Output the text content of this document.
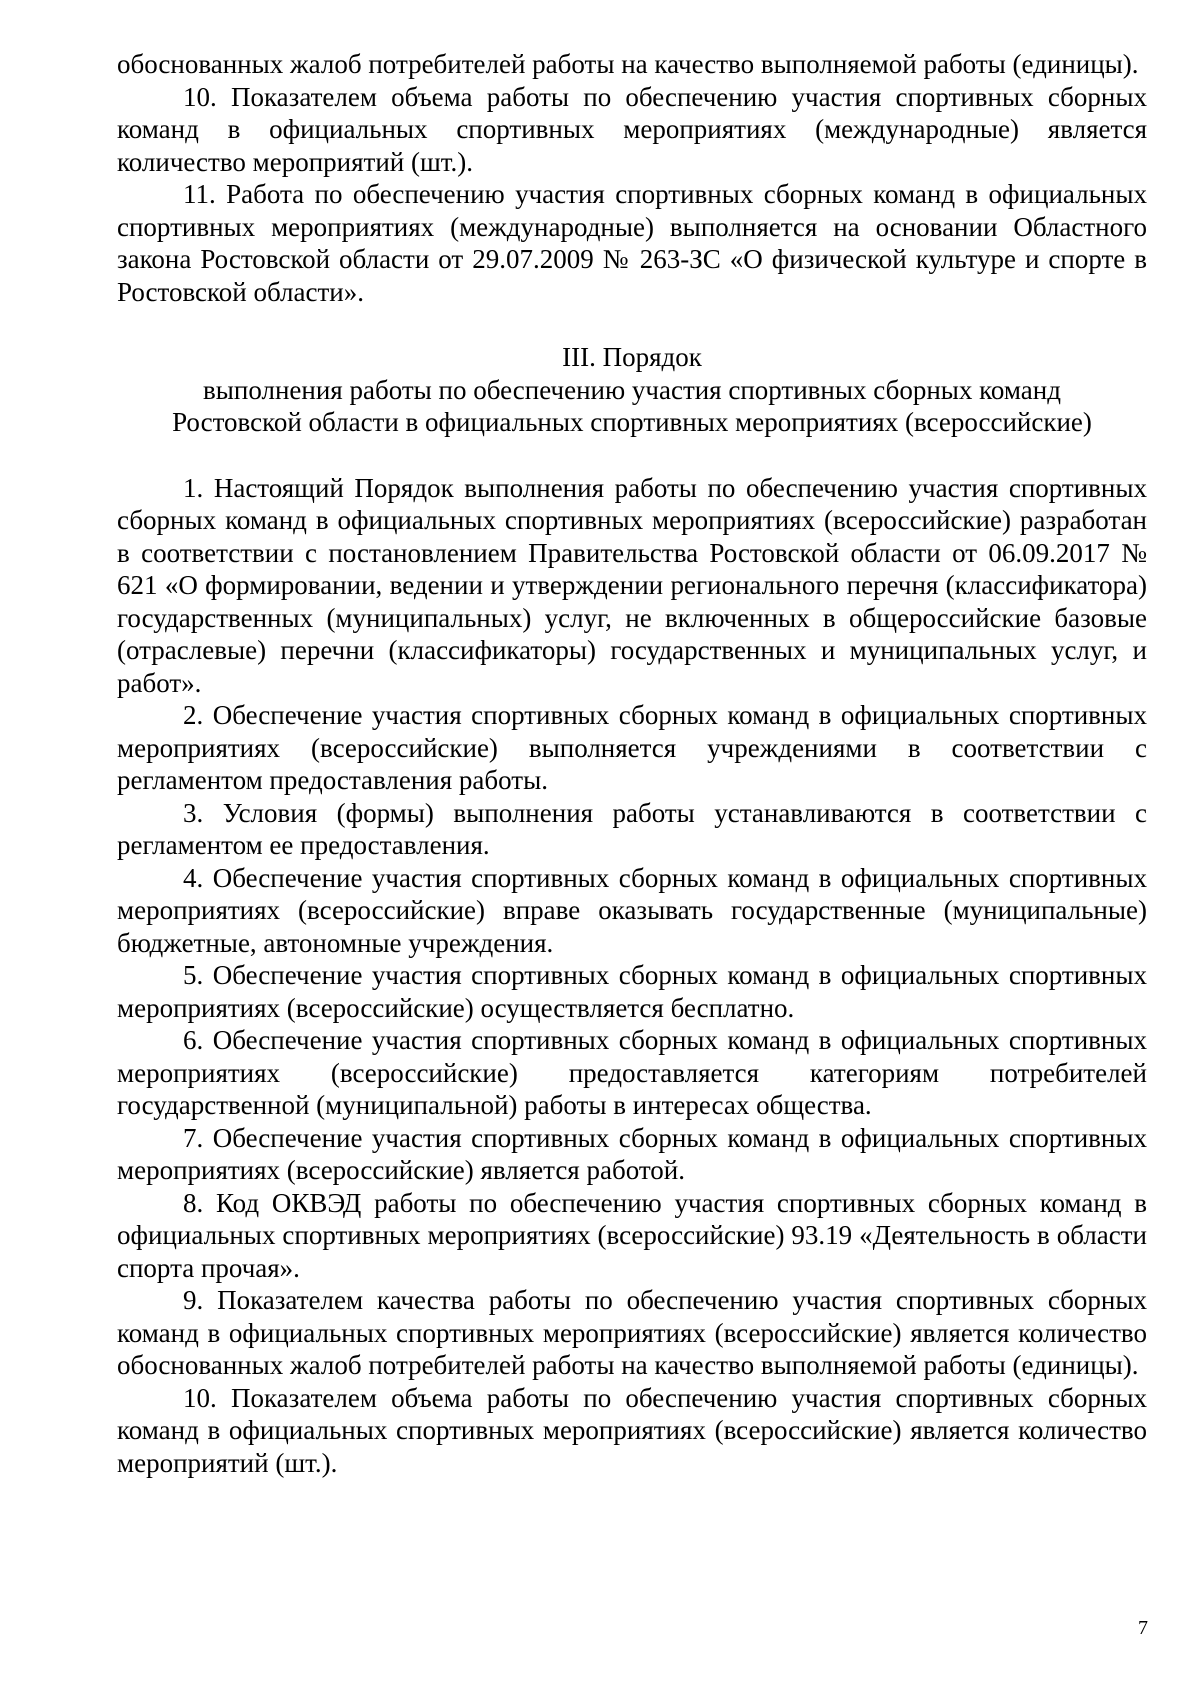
обоснованных жалоб потребителей работы на качество выполняемой работы (единицы).

10. Показателем объема работы по обеспечению участия спортивных сборных команд в официальных спортивных мероприятиях (международные) является количество мероприятий (шт.).

11. Работа по обеспечению участия спортивных сборных команд в официальных спортивных мероприятиях (международные) выполняется на основании Областного закона Ростовской области от 29.07.2009 № 263-ЗС «О физической культуре и спорте в Ростовской области».

III. Порядок

выполнения работы по обеспечению участия спортивных сборных команд

Ростовской области в официальных спортивных мероприятиях (всероссийские)

1. Настоящий Порядок выполнения работы по обеспечению участия спортивных сборных команд в официальных спортивных мероприятиях (всероссийские) разработан в соответствии с постановлением Правительства Ростовской области от 06.09.2017 № 621 «О формировании, ведении и утверждении регионального перечня (классификатора) государственных (муниципальных) услуг, не включенных в общероссийские базовые (отраслевые) перечни (классификаторы) государственных и муниципальных услуг, и работ».

2. Обеспечение участия спортивных сборных команд в официальных спортивных мероприятиях (всероссийские) выполняется учреждениями в соответствии с регламентом предоставления работы.

3. Условия (формы) выполнения работы устанавливаются в соответствии с регламентом ее предоставления.

4. Обеспечение участия спортивных сборных команд в официальных спортивных мероприятиях (всероссийские) вправе оказывать государственные (муниципальные) бюджетные, автономные учреждения.

5. Обеспечение участия спортивных сборных команд в официальных спортивных мероприятиях (всероссийские) осуществляется бесплатно.

6. Обеспечение участия спортивных сборных команд в официальных спортивных мероприятиях (всероссийские) предоставляется категориям потребителей государственной (муниципальной) работы в интересах общества.

7. Обеспечение участия спортивных сборных команд в официальных спортивных мероприятиях (всероссийские) является работой.

8. Код ОКВЭД работы по обеспечению участия спортивных сборных команд в официальных спортивных мероприятиях (всероссийские) 93.19 «Деятельность в области спорта прочая».

9. Показателем качества работы по обеспечению участия спортивных сборных команд в официальных спортивных мероприятиях (всероссийские) является количество обоснованных жалоб потребителей работы на качество выполняемой работы (единицы).

10. Показателем объема работы по обеспечению участия спортивных сборных команд в официальных спортивных мероприятиях (всероссийские) является количество мероприятий (шт.).

7
